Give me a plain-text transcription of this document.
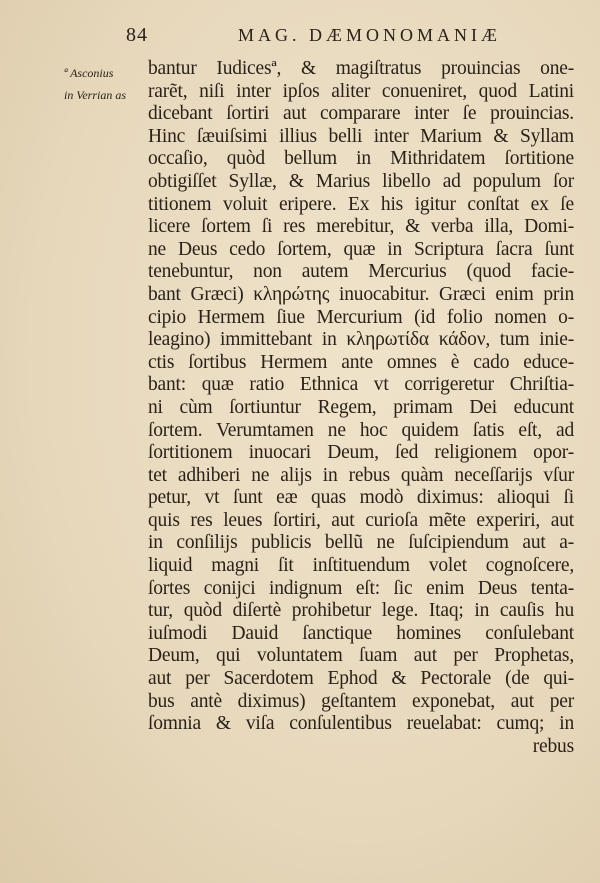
84	MAG. DÆMONOMANIÆ
ª Asconius
in Verrian as
bantur Iudicesª, & magiſtratus prouincias one-
rarẽt, niſi inter ipſos aliter conueniret, quod Latini
dicebant ſortiri aut comparare inter ſe prouincias.
Hinc ſæuiſsimi illius belli inter Marium & Syllam
occaſio, quòd bellum in Mithridatem ſortitione
obtigiſſet Syllæ, & Marius libello ad populum ſor
titionem voluit eripere. Ex his igitur conſtat ex ſe
licere ſortem ſi res merebitur, & verba illa, Domi-
ne Deus cedo ſortem, quæ in Scriptura ſacra ſunt
tenebuntur, non autem Mercurius (quod facie-
bant Græci) κληρώτης inuocabitur. Græci enim prin
cipio Hermem ſiue Mercurium (id folio nomen o-
leagino) immittebant in κληρωτίδα κάδον, tum inie-
ctis ſortibus Hermem ante omnes è cado educe-
bant: quæ ratio Ethnica vt corrigeretur Chriſtia-
ni cùm ſortiuntur Regem, primam Dei educunt
ſortem. Verumtamen ne hoc quidem ſatis eſt, ad
ſortitionem inuocari Deum, ſed religionem opor-
tet adhiberi ne alijs in rebus quàm neceſſarijs vſur
petur, vt ſunt eæ quas modò diximus: alioqui ſi
quis res leues ſortiri, aut curioſa mẽte experiri, aut
in conſilijs publicis bellũ ne ſuſcipiendum aut a-
liquid magni ſit inſtituendum volet cognoſcere,
ſortes conijci indignum eſt: ſic enim Deus tenta-
tur, quòd diſertè prohibetur lege. Itaq; in cauſis hu
iuſmodi Dauid ſanctique homines conſulebant
Deum, qui voluntatem ſuam aut per Prophetas,
aut per Sacerdotem Ephod & Pectorale (de qui-
bus antè diximus) geſtantem exponebat, aut per
ſomnia & viſa conſulentibus reuelabat: cumq; in
rebus
